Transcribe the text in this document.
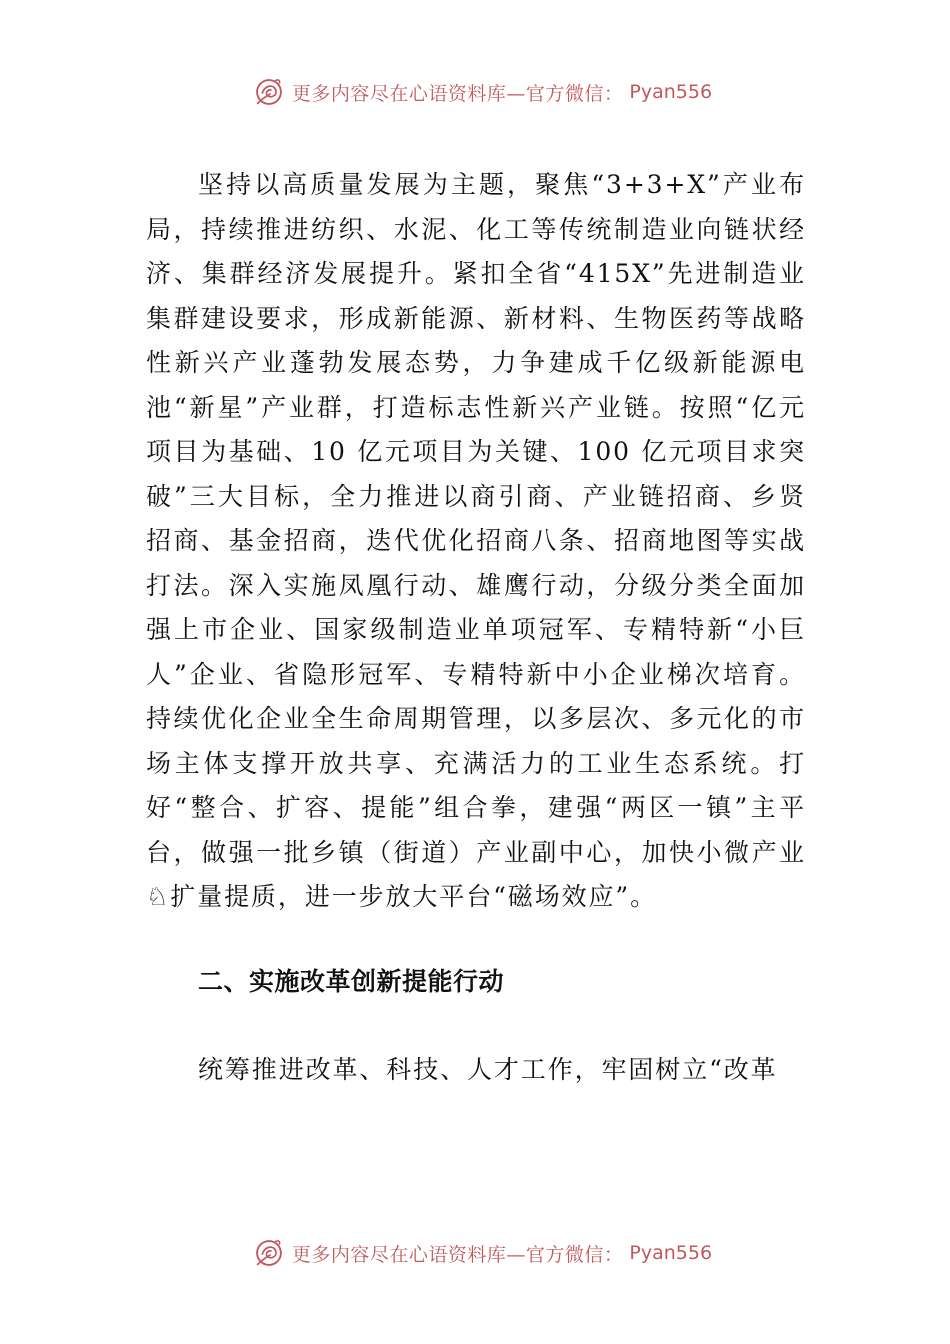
更多内容尽在心语资料库—官方微信： Pyan556

坚持以高质量发展为主题，聚焦“3+3+X”产业布局，持续推进纺织、水泥、化工等传统制造业向链状经济、集群经济发展提升。紧扣全省“415X”先进制造业集群建设要求，形成新能源、新材料、生物医药等战略性新兴产业蓬勃发展态势，力争建成千亿级新能源电池“新星”产业群，打造标志性新兴产业链。按照“亿元项目为基础、10 亿元项目为关键、100 亿元项目求突破”三大目标，全力推进以商引商、产业链招商、乡贤招商、基金招商，迭代优化招商八条、招商地图等实战打法。深入实施凤凰行动、雄鹰行动，分级分类全面加强上市企业、国家级制造业单项冠军、专精特新“小巨人”企业、省隐形冠军、专精特新中小企业梯次培育。持续优化企业全生命周期管理，以多层次、多元化的市场主体支撑开放共享、充满活力的工业生态系统。打好“整合、扩容、提能”组合拳，建强“两区一镇”主平台，做强一批乡镇（街道）产业副中心，加快小微产业♘扩量提质，进一步放大平台“磁场效应”。

二、实施改革创新提能行动

统筹推进改革、科技、人才工作，牢固树立“改革

更多内容尽在心语资料库—官方微信： Pyan556
